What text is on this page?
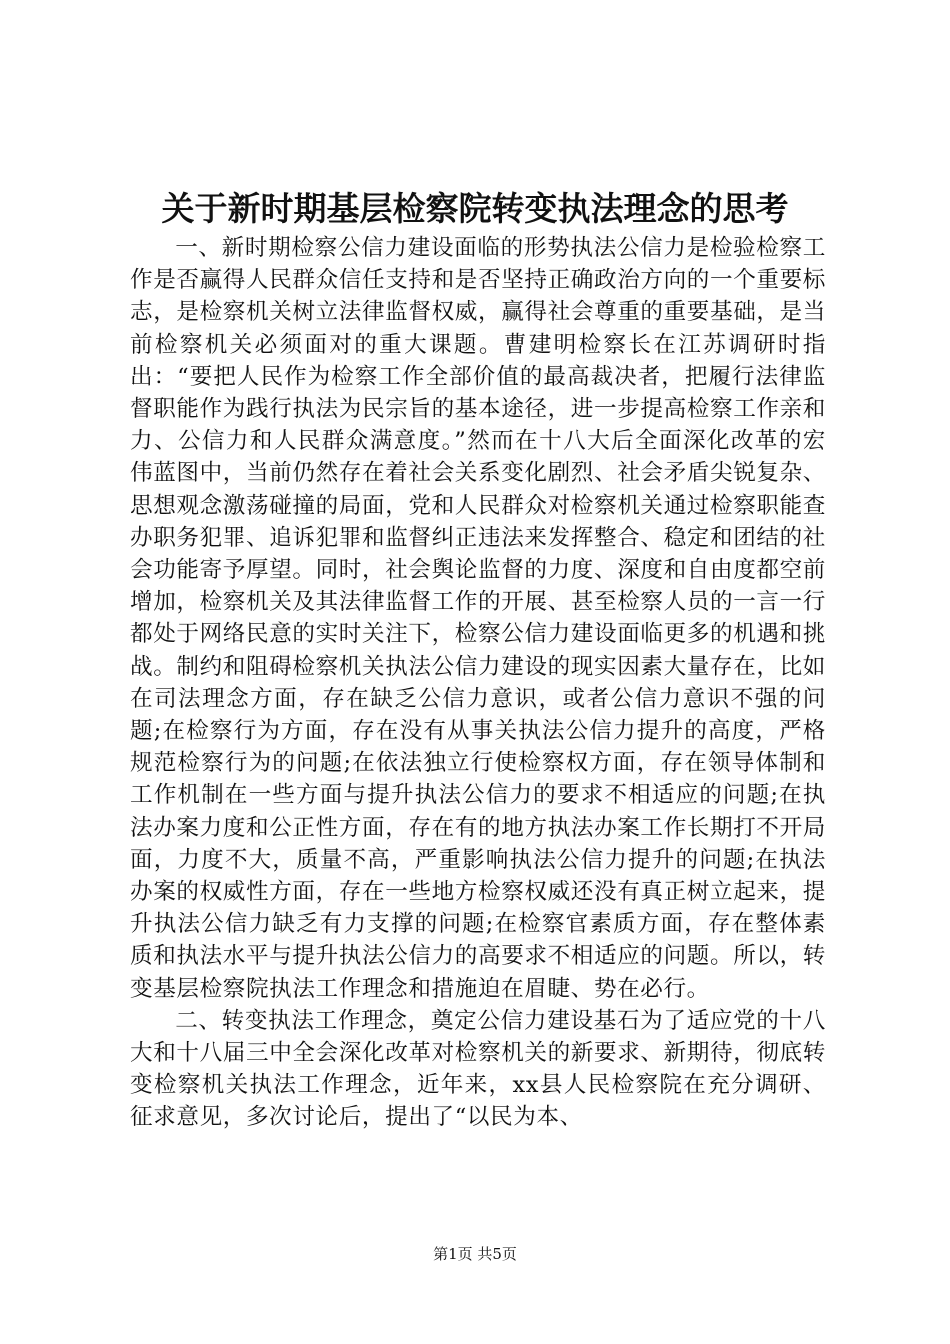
关于新时期基层检察院转变执法理念的思考

一、新时期检察公信力建设面临的形势执法公信力是检验检察工作是否赢得人民群众信任支持和是否坚持正确政治方向的一个重要标志，是检察机关树立法律监督权威，赢得社会尊重的重要基础，是当前检察机关必须面对的重大课题。曹建明检察长在江苏调研时指出：“要把人民作为检察工作全部价值的最高裁决者，把履行法律监督职能作为践行执法为民宗旨的基本途径，进一步提高检察工作亲和力、公信力和人民群众满意度。”然而在十八大后全面深化改革的宏伟蓝图中，当前仍然存在着社会关系变化剧烈、社会矛盾尖锐复杂、思想观念激荡碰撞的局面，党和人民群众对检察机关通过检察职能查办职务犯罪、追诉犯罪和监督纠正违法来发挥整合、稳定和团结的社会功能寄予厚望。同时，社会舆论监督的力度、深度和自由度都空前增加，检察机关及其法律监督工作的开展、甚至检察人员的一言一行都处于网络民意的实时关注下，检察公信力建设面临更多的机遇和挑战。制约和阻碍检察机关执法公信力建设的现实因素大量存在，比如在司法理念方面，存在缺乏公信力意识，或者公信力意识不强的问题;在检察行为方面，存在没有从事关执法公信力提升的高度，严格规范检察行为的问题;在依法独立行使检察权方面，存在领导体制和工作机制在一些方面与提升执法公信力的要求不相适应的问题;在执法办案力度和公正性方面，存在有的地方执法办案工作长期打不开局面，力度不大，质量不高，严重影响执法公信力提升的问题;在执法办案的权威性方面，存在一些地方检察权威还没有真正树立起来，提升执法公信力缺乏有力支撑的问题;在检察官素质方面，存在整体素质和执法水平与提升执法公信力的高要求不相适应的问题。所以，转变基层检察院执法工作理念和措施迫在眉睫、势在必行。

二、转变执法工作理念，奠定公信力建设基石为了适应党的十八大和十八届三中全会深化改革对检察机关的新要求、新期待，彻底转变检察机关执法工作理念，近年来，xx县人民检察院在充分调研、征求意见，多次讨论后，提出了“以民为本、

第1页 共5页
